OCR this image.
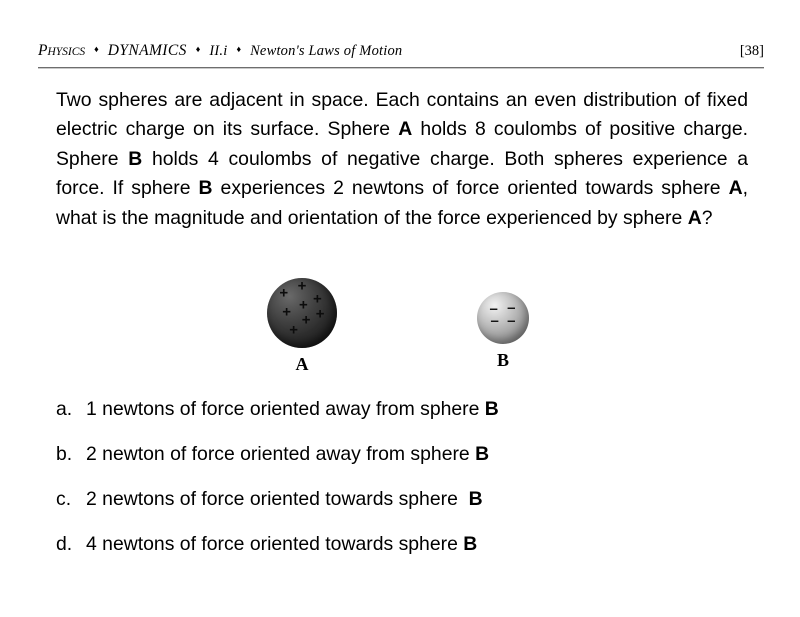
PHYSICS	♦ DYNAMICS	♦ II.i	♦ Newton's Laws of Motion	[38]
Two spheres are adjacent in space. Each contains an even distribution of fixed electric charge on its surface. Sphere A holds 8 coulombs of positive charge. Sphere B holds 4 coulombs of negative charge. Both spheres experience a force. If sphere B experiences 2 newtons of force oriented towards sphere A, what is the magnitude and orientation of the force experienced by sphere A?
+
+ +
+
+ +
+
+
A
– –
– –
B
a. 1 newtons of force oriented away from sphere B
b. 2 newton of force oriented away from sphere B
c. 2 newtons of force oriented towards sphere  B
d. 4 newtons of force oriented towards sphere B
